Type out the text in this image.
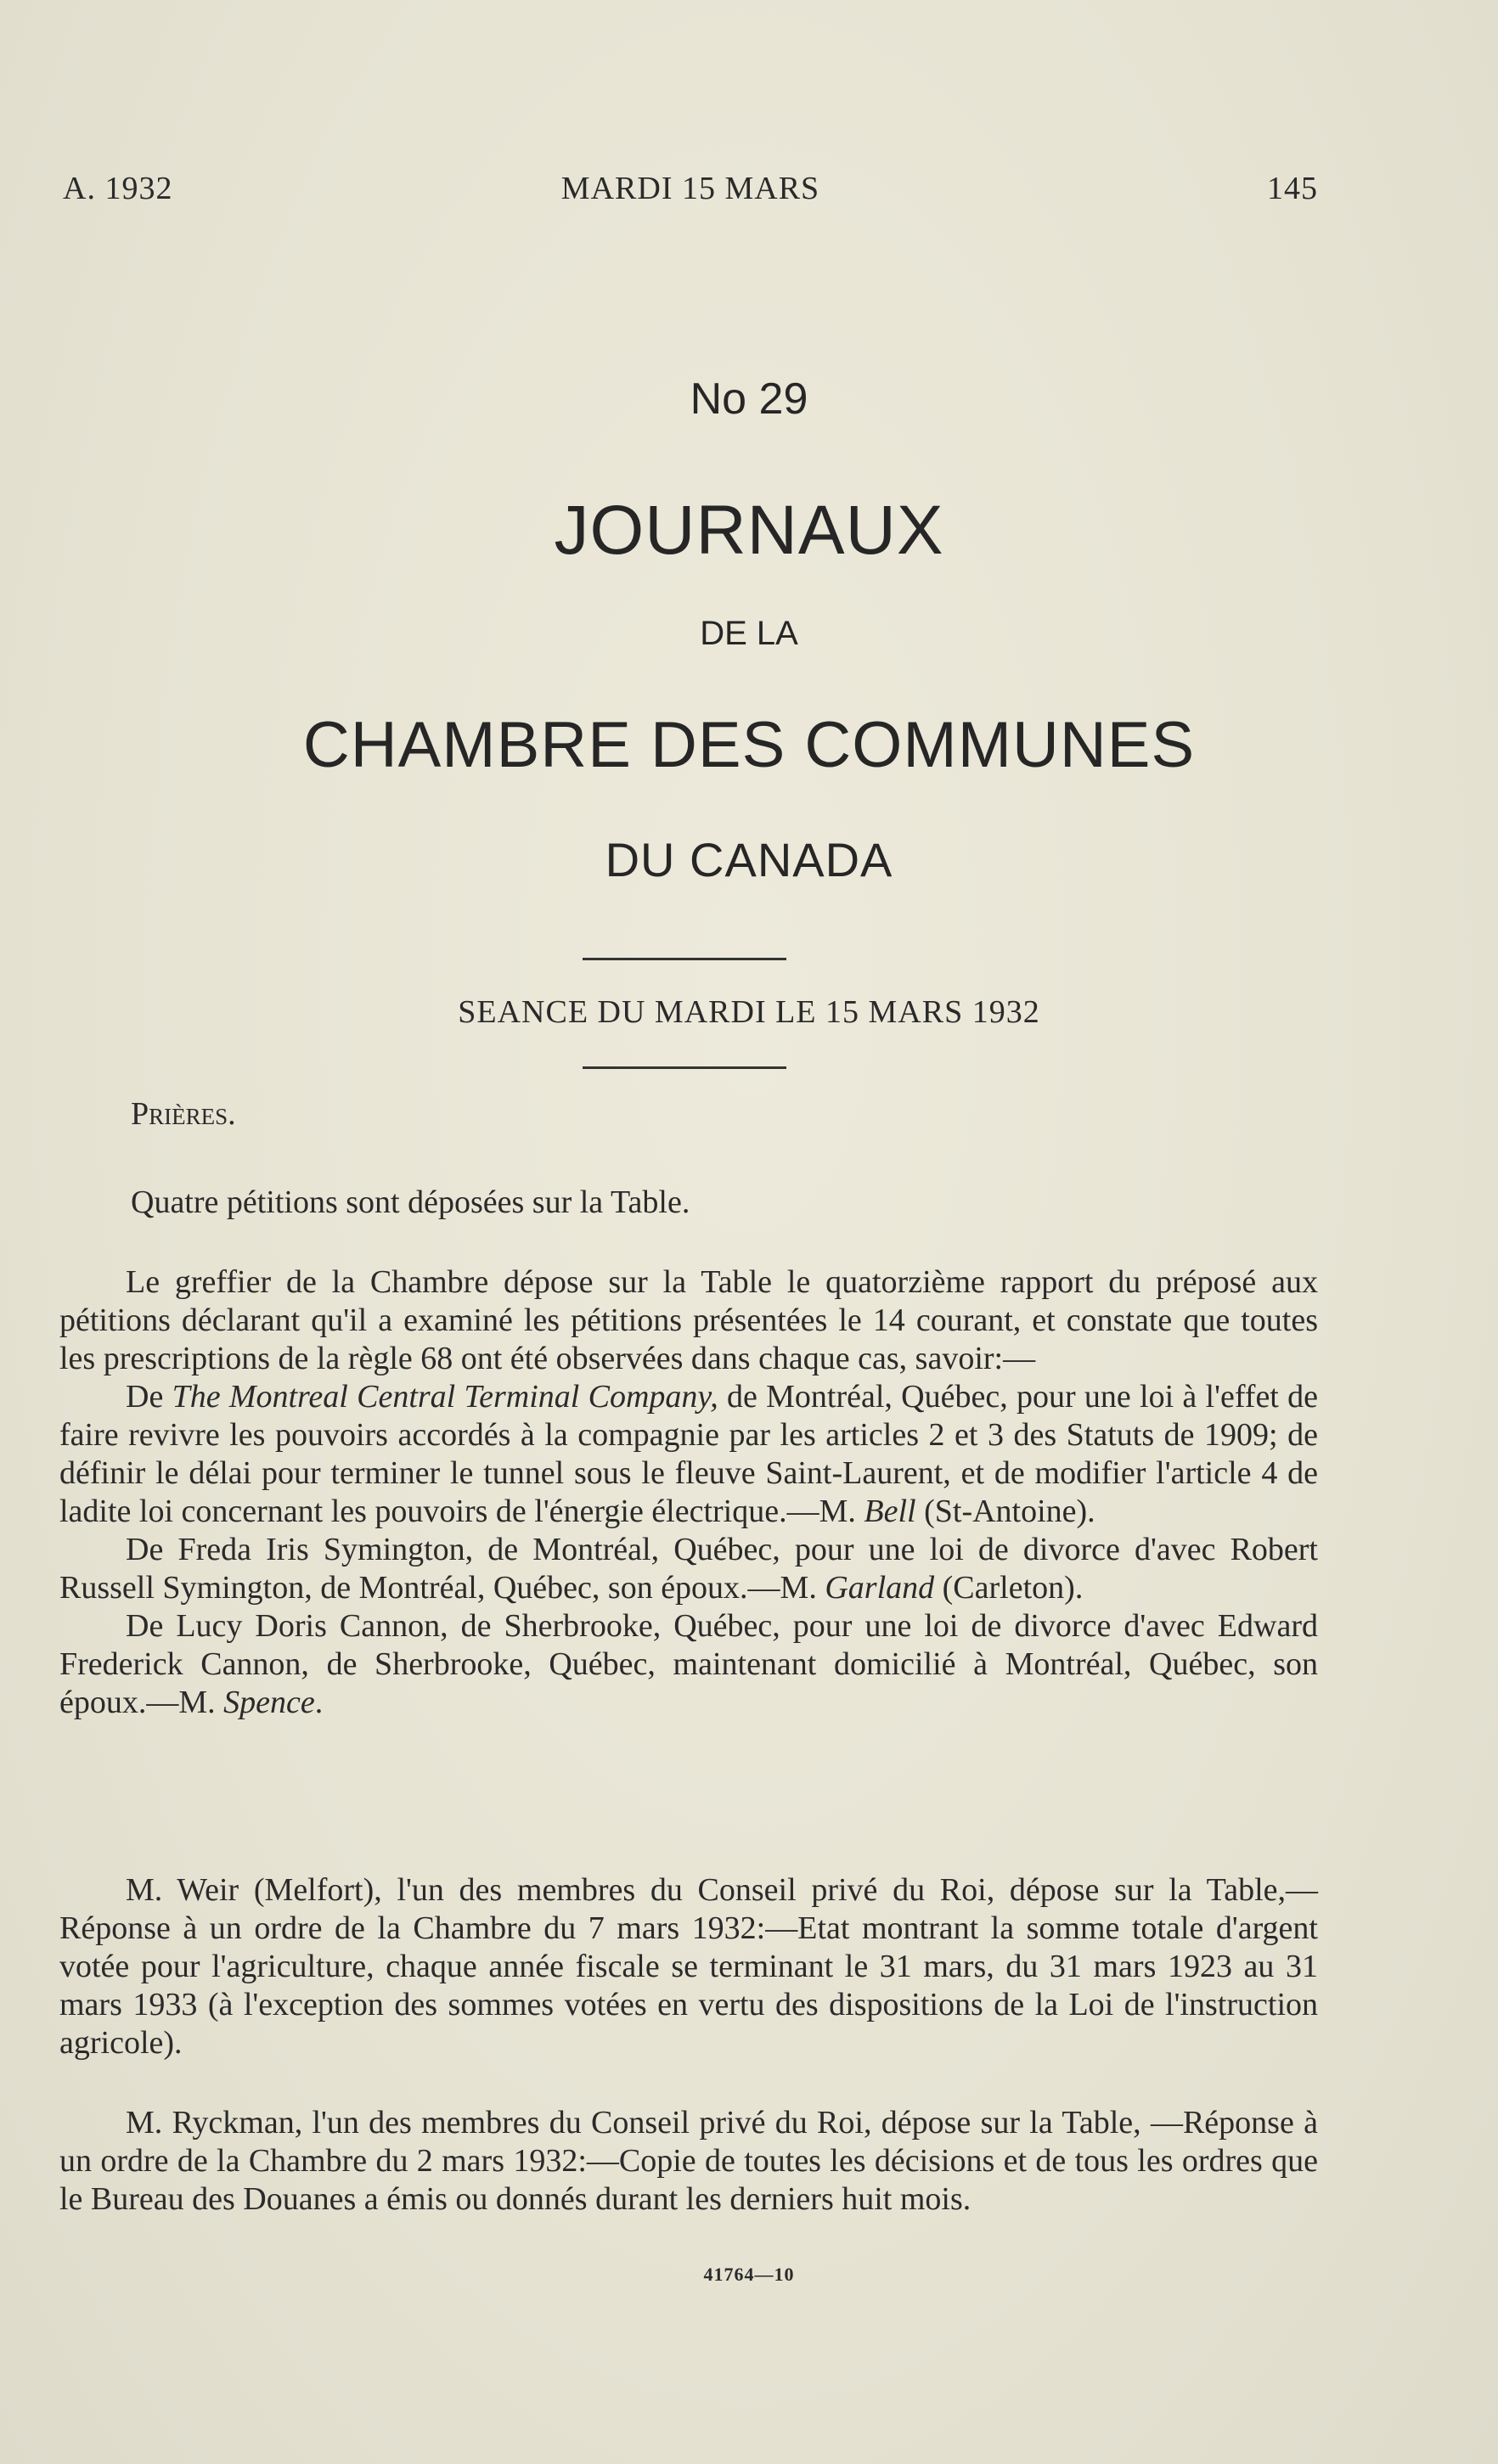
A. 1932	MARDI 15 MARS	145
No 29
JOURNAUX
DE LA
CHAMBRE DES COMMUNES
DU CANADA
SEANCE DU MARDI LE 15 MARS 1932
Prières.
Quatre pétitions sont déposées sur la Table.

Le greffier de la Chambre dépose sur la Table le quatorzième rapport du préposé aux pétitions déclarant qu'il a examiné les pétitions présentées le 14 courant, et constate que toutes les prescriptions de la règle 68 ont été observées dans chaque cas, savoir:—

De The Montreal Central Terminal Company, de Montréal, Québec, pour une loi à l'effet de faire revivre les pouvoirs accordés à la compagnie par les articles 2 et 3 des Statuts de 1909; de définir le délai pour terminer le tunnel sous le fleuve Saint-Laurent, et de modifier l'article 4 de ladite loi concernant les pouvoirs de l'énergie électrique.—M. Bell (St-Antoine).

De Freda Iris Symington, de Montréal, Québec, pour une loi de divorce d'avec Robert Russell Symington, de Montréal, Québec, son époux.—M. Garland (Carleton).

De Lucy Doris Cannon, de Sherbrooke, Québec, pour une loi de divorce d'avec Edward Frederick Cannon, de Sherbrooke, Québec, maintenant domicilié à Montréal, Québec, son époux.—M. Spence.

M. Weir (Melfort), l'un des membres du Conseil privé du Roi, dépose sur la Table,—Réponse à un ordre de la Chambre du 7 mars 1932:—Etat montrant la somme totale d'argent votée pour l'agriculture, chaque année fiscale se terminant le 31 mars, du 31 mars 1923 au 31 mars 1933 (à l'exception des sommes votées en vertu des dispositions de la Loi de l'instruction agricole).

M. Ryckman, l'un des membres du Conseil privé du Roi, dépose sur la Table, —Réponse à un ordre de la Chambre du 2 mars 1932:—Copie de toutes les décisions et de tous les ordres que le Bureau des Douanes a émis ou donnés durant les derniers huit mois.

41764—10
